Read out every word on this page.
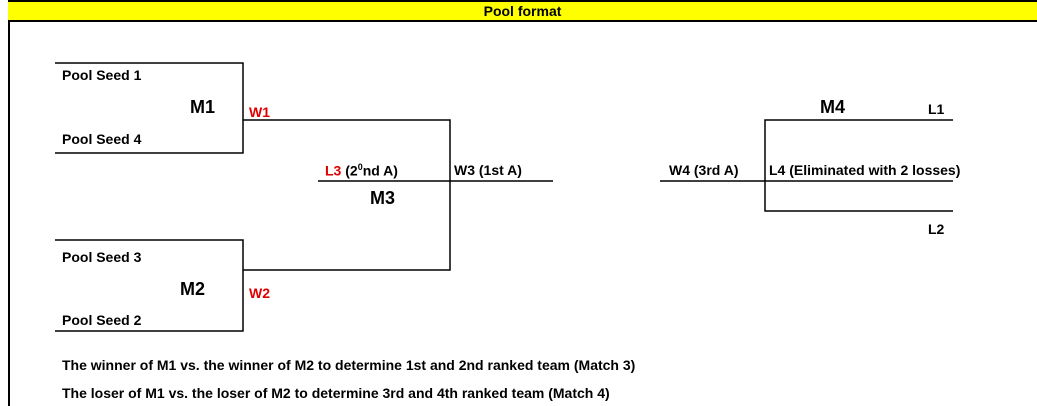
Pool format
Pool Seed 1
M1 W1
Pool Seed 4
L3 ($2^0nd$ A)
M3
W3 (1st A)
Pool Seed 3
M2	W2
Pool Seed 2
W4 (3rd A)
M4	L1
L4 (Eliminated with 2 losses)
L2
The winner of M1 vs. the winner of M2 to determine 1st and 2nd ranked team (Match 3)
The loser of M1 vs. the loser of M2 to determine 3rd and 4th ranked team (Match 4)
